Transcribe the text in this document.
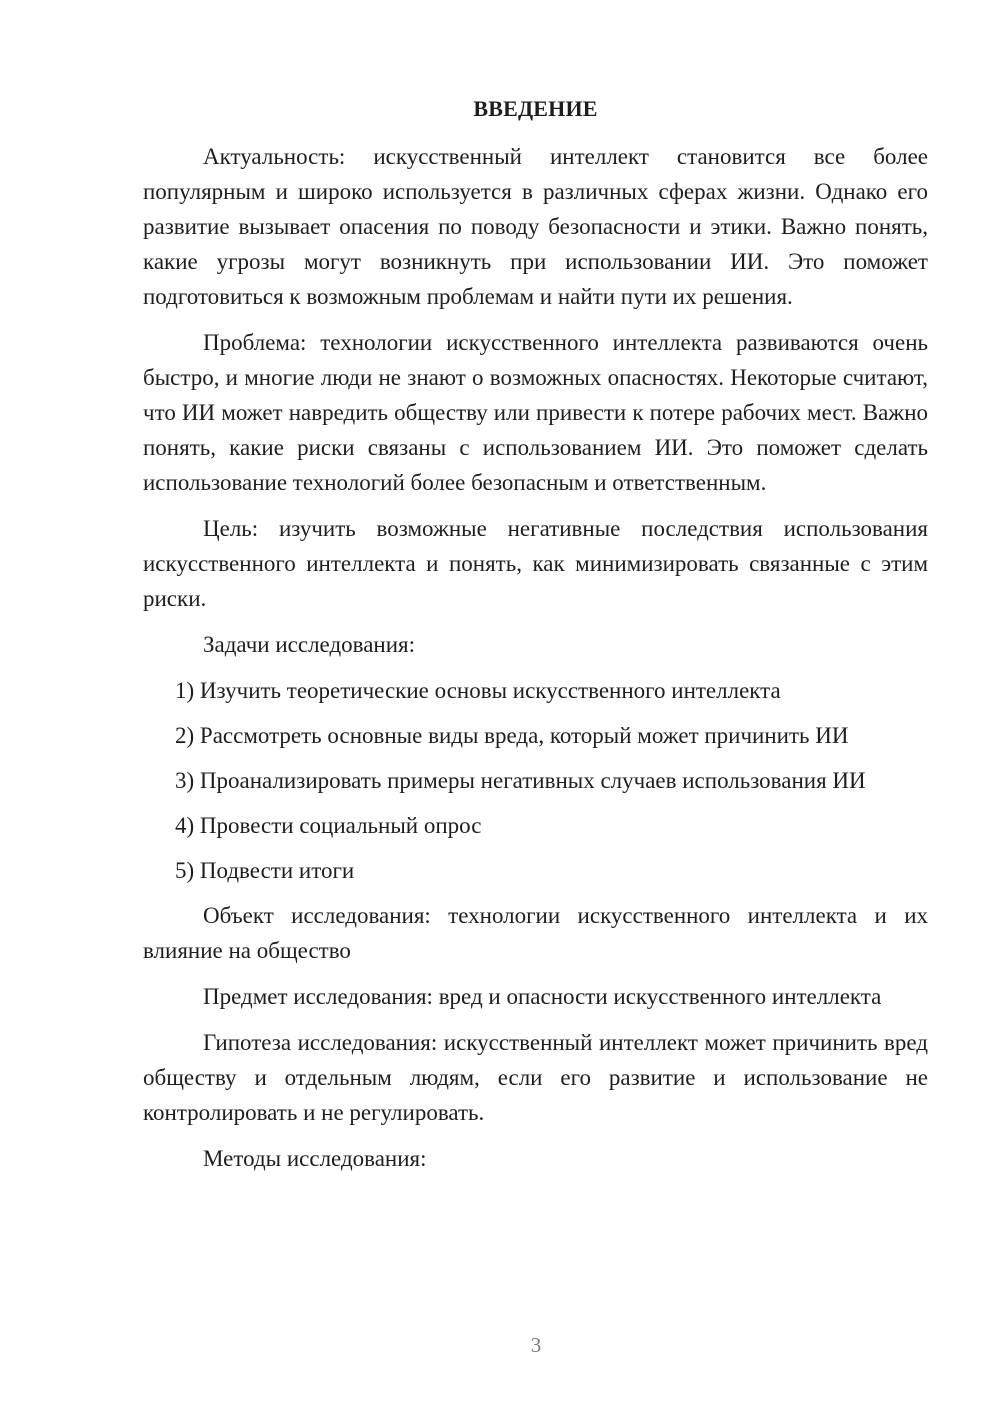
ВВЕДЕНИЕ

Актуальность: искусственный интеллект становится все более популярным и широко используется в различных сферах жизни. Однако его развитие вызывает опасения по поводу безопасности и этики. Важно понять, какие угрозы могут возникнуть при использовании ИИ. Это поможет подготовиться к возможным проблемам и найти пути их решения.

Проблема: технологии искусственного интеллекта развиваются очень быстро, и многие люди не знают о возможных опасностях. Некоторые считают, что ИИ может навредить обществу или привести к потере рабочих мест. Важно понять, какие риски связаны с использованием ИИ. Это поможет сделать использование технологий более безопасным и ответственным.

Цель: изучить возможные негативные последствия использования искусственного интеллекта и понять, как минимизировать связанные с этим риски.

Задачи исследования:

1) Изучить теоретические основы искусственного интеллекта
2) Рассмотреть основные виды вреда, который может причинить ИИ
3) Проанализировать примеры негативных случаев использования ИИ
4) Провести социальный опрос
5) Подвести итоги

Объект исследования: технологии искусственного интеллекта и их влияние на общество

Предмет исследования: вред и опасности искусственного интеллекта

Гипотеза исследования: искусственный интеллект может причинить вред обществу и отдельным людям, если его развитие и использование не контролировать и не регулировать.

Методы исследования:

3
